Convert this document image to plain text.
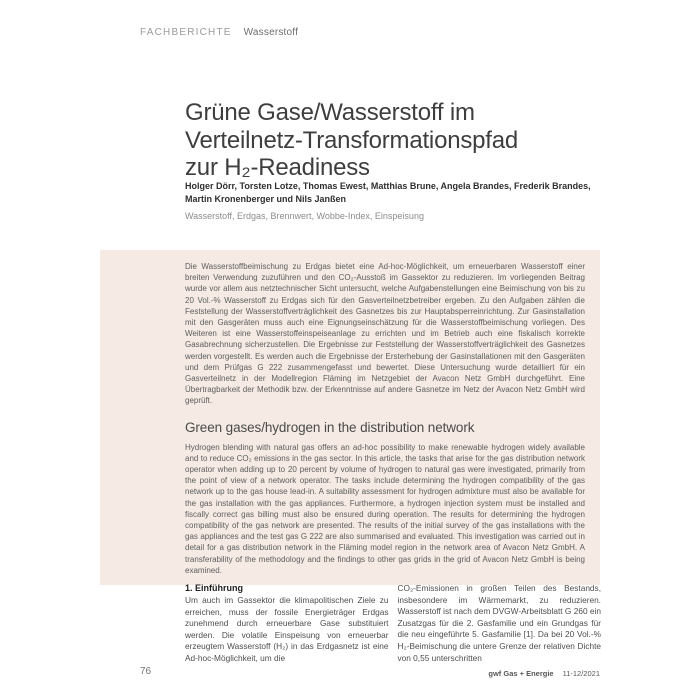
FACHBERICHTE Wasserstoff
Grüne Gase/Wasserstoff im
Verteilnetz-Transformationspfad
zur H₂-Readiness
Holger Dörr, Torsten Lotze, Thomas Ewest, Matthias Brune, Angela Brandes, Frederik Brandes,
Martin Kronenberger und Nils Janßen
Wasserstoff, Erdgas, Brennwert, Wobbe-Index, Einspeisung

Die Wasserstoffbeimischung zu Erdgas bietet eine Ad-hoc-Möglichkeit, um erneuerbaren Wasserstoff einer breiten Verwendung zuzuführen und den CO₂-Ausstoß im Gassektor zu reduzieren. Im vorliegenden Beitrag wurde vor allem aus netztechnischer Sicht untersucht, welche Aufgabenstellungen eine Beimischung von bis zu 20 Vol.-% Wasserstoff zu Erdgas sich für den Gasverteilnetzbetreiber ergeben. Zu den Aufgaben zählen die Feststellung der Wasserstoffverträglichkeit des Gasnetzes bis zur Hauptabsperreinrichtung. Zur Gasinstallation mit den Gasgeräten muss auch eine Eignungseinschätzung für die Wasserstoffbeimischung vorliegen. Des Weiteren ist eine Wasserstoffeinspeiseanlage zu errichten und im Betrieb auch eine fiskalisch korrekte Gasabrechnung sicherzustellen. Die Ergebnisse zur Feststellung der Wasserstoffverträglichkeit des Gasnetzes werden vorgestellt. Es werden auch die Ergebnisse der Ersterhebung der Gasinstallationen mit den Gasgeräten und dem Prüfgas G 222 zusammengefasst und bewertet. Diese Untersuchung wurde detailliert für ein Gasverteilnetz in der Modellregion Fläming im Netzgebiet der Avacon Netz GmbH durchgeführt. Eine Übertragbarkeit der Methodik bzw. der Erkenntnisse auf andere Gasnetze im Netz der Avacon Netz GmbH wird geprüft.

Green gases/hydrogen in the distribution network

Hydrogen blending with natural gas offers an ad-hoc possibility to make renewable hydrogen widely available and to reduce CO₂ emissions in the gas sector. In this article, the tasks that arise for the gas distribution network operator when adding up to 20 percent by volume of hydrogen to natural gas were investigated, primarily from the point of view of a network operator. The tasks include determining the hydrogen compatibility of the gas network up to the gas house lead-in. A suitability assessment for hydrogen admixture must also be available for the gas installation with the gas appliances. Furthermore, a hydrogen injection system must be installed and fiscally correct gas billing must also be ensured during operation. The results for determining the hydrogen compatibility of the gas network are presented. The results of the initial survey of the gas installations with the gas appliances and the test gas G 222 are also summarised and evaluated. This investigation was carried out in detail for a gas distribution network in the Fläming model region in the network area of Avacon Netz GmbH. A transferability of the methodology and the findings to other gas grids in the grid of Avacon Netz GmbH is being examined.

1. Einführung

Um auch im Gassektor die klimapolitischen Ziele zu erreichen, muss der fossile Energieträger Erdgas zunehmend durch erneuerbare Gase substituiert werden. Die volatile Einspeisung von erneuerbar erzeugtem Wasserstoff (H₂) in das Erdgasnetz ist eine Ad-hoc-Möglichkeit, um die

CO₂-Emissionen in großen Teilen des Bestands, insbesondere im Wärmemarkt, zu reduzieren. Wasserstoff ist nach dem DVGW-Arbeitsblatt G 260 ein Zusatzgas für die 2. Gasfamilie und ein Grundgas für die neu eingeführte 5. Gasfamilie [1]. Da bei 20 Vol.-% H₂-Beimischung die untere Grenze der relativen Dichte von 0,55 unterschritten

76	gwf Gas + Energie 11-12/2021
